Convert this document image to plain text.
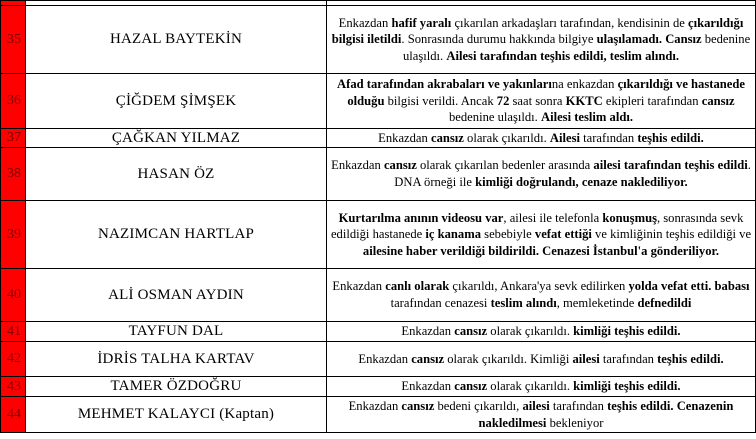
35	HAZAL BAYTEKİN	Enkazdan hafif yaralı çıkarılan arkadaşları tarafından, kendisinin de çıkarıldığı bilgisi iletildi. Sonrasında durumu hakkında bilgiye ulaşılamadı. Cansız bedenine ulaşıldı. Ailesi tarafından teşhis edildi, teslim alındı.
36	ÇİĞDEM ŞİMŞEK	Afad tarafından akrabaları ve yakınlarına enkazdan çıkarıldığı ve hastanede olduğu bilgisi verildi. Ancak 72 saat sonra KKTC ekipleri tarafından cansız bedenine ulaşıldı. Ailesi teslim aldı.
37	ÇAĞKAN YILMAZ	Enkazdan cansız olarak çıkarıldı. Ailesi tarafından teşhis edildi.
38	HASAN ÖZ	Enkazdan cansız olarak çıkarılan bedenler arasında ailesi tarafından teşhis edildi. DNA örneği ile kimliği doğrulandı, cenaze naklediliyor.
39	NAZIMCAN HARTLAP	Kurtarılma anının videosu var, ailesi ile telefonla konuşmuş, sonrasında sevk edildiği hastanede iç kanama sebebiyle vefat ettiği ve kimliğinin teşhis edildiği ve ailesine haber verildiği bildirildi. Cenazesi İstanbul'a gönderiliyor.
40	ALİ OSMAN AYDIN	Enkazdan canlı olarak çıkarıldı, Ankara'ya sevk edilirken yolda vefat etti. babası tarafından cenazesi teslim alındı, memleketinde defnedildi
41	TAYFUN DAL	Enkazdan cansız olarak çıkarıldı. kimliği teşhis edildi.
42	İDRİS TALHA KARTAV	Enkazdan cansız olarak çıkarıldı. Kimliği ailesi tarafından teşhis edildi.
43	TAMER ÖZDOĞRU	Enkazdan cansız olarak çıkarıldı. kimliği teşhis edildi.
44	MEHMET KALAYCI (Kaptan)	Enkazdan cansız bedeni çıkarıldı, ailesi tarafından teşhis edildi. Cenazenin nakledilmesi bekleniyor
